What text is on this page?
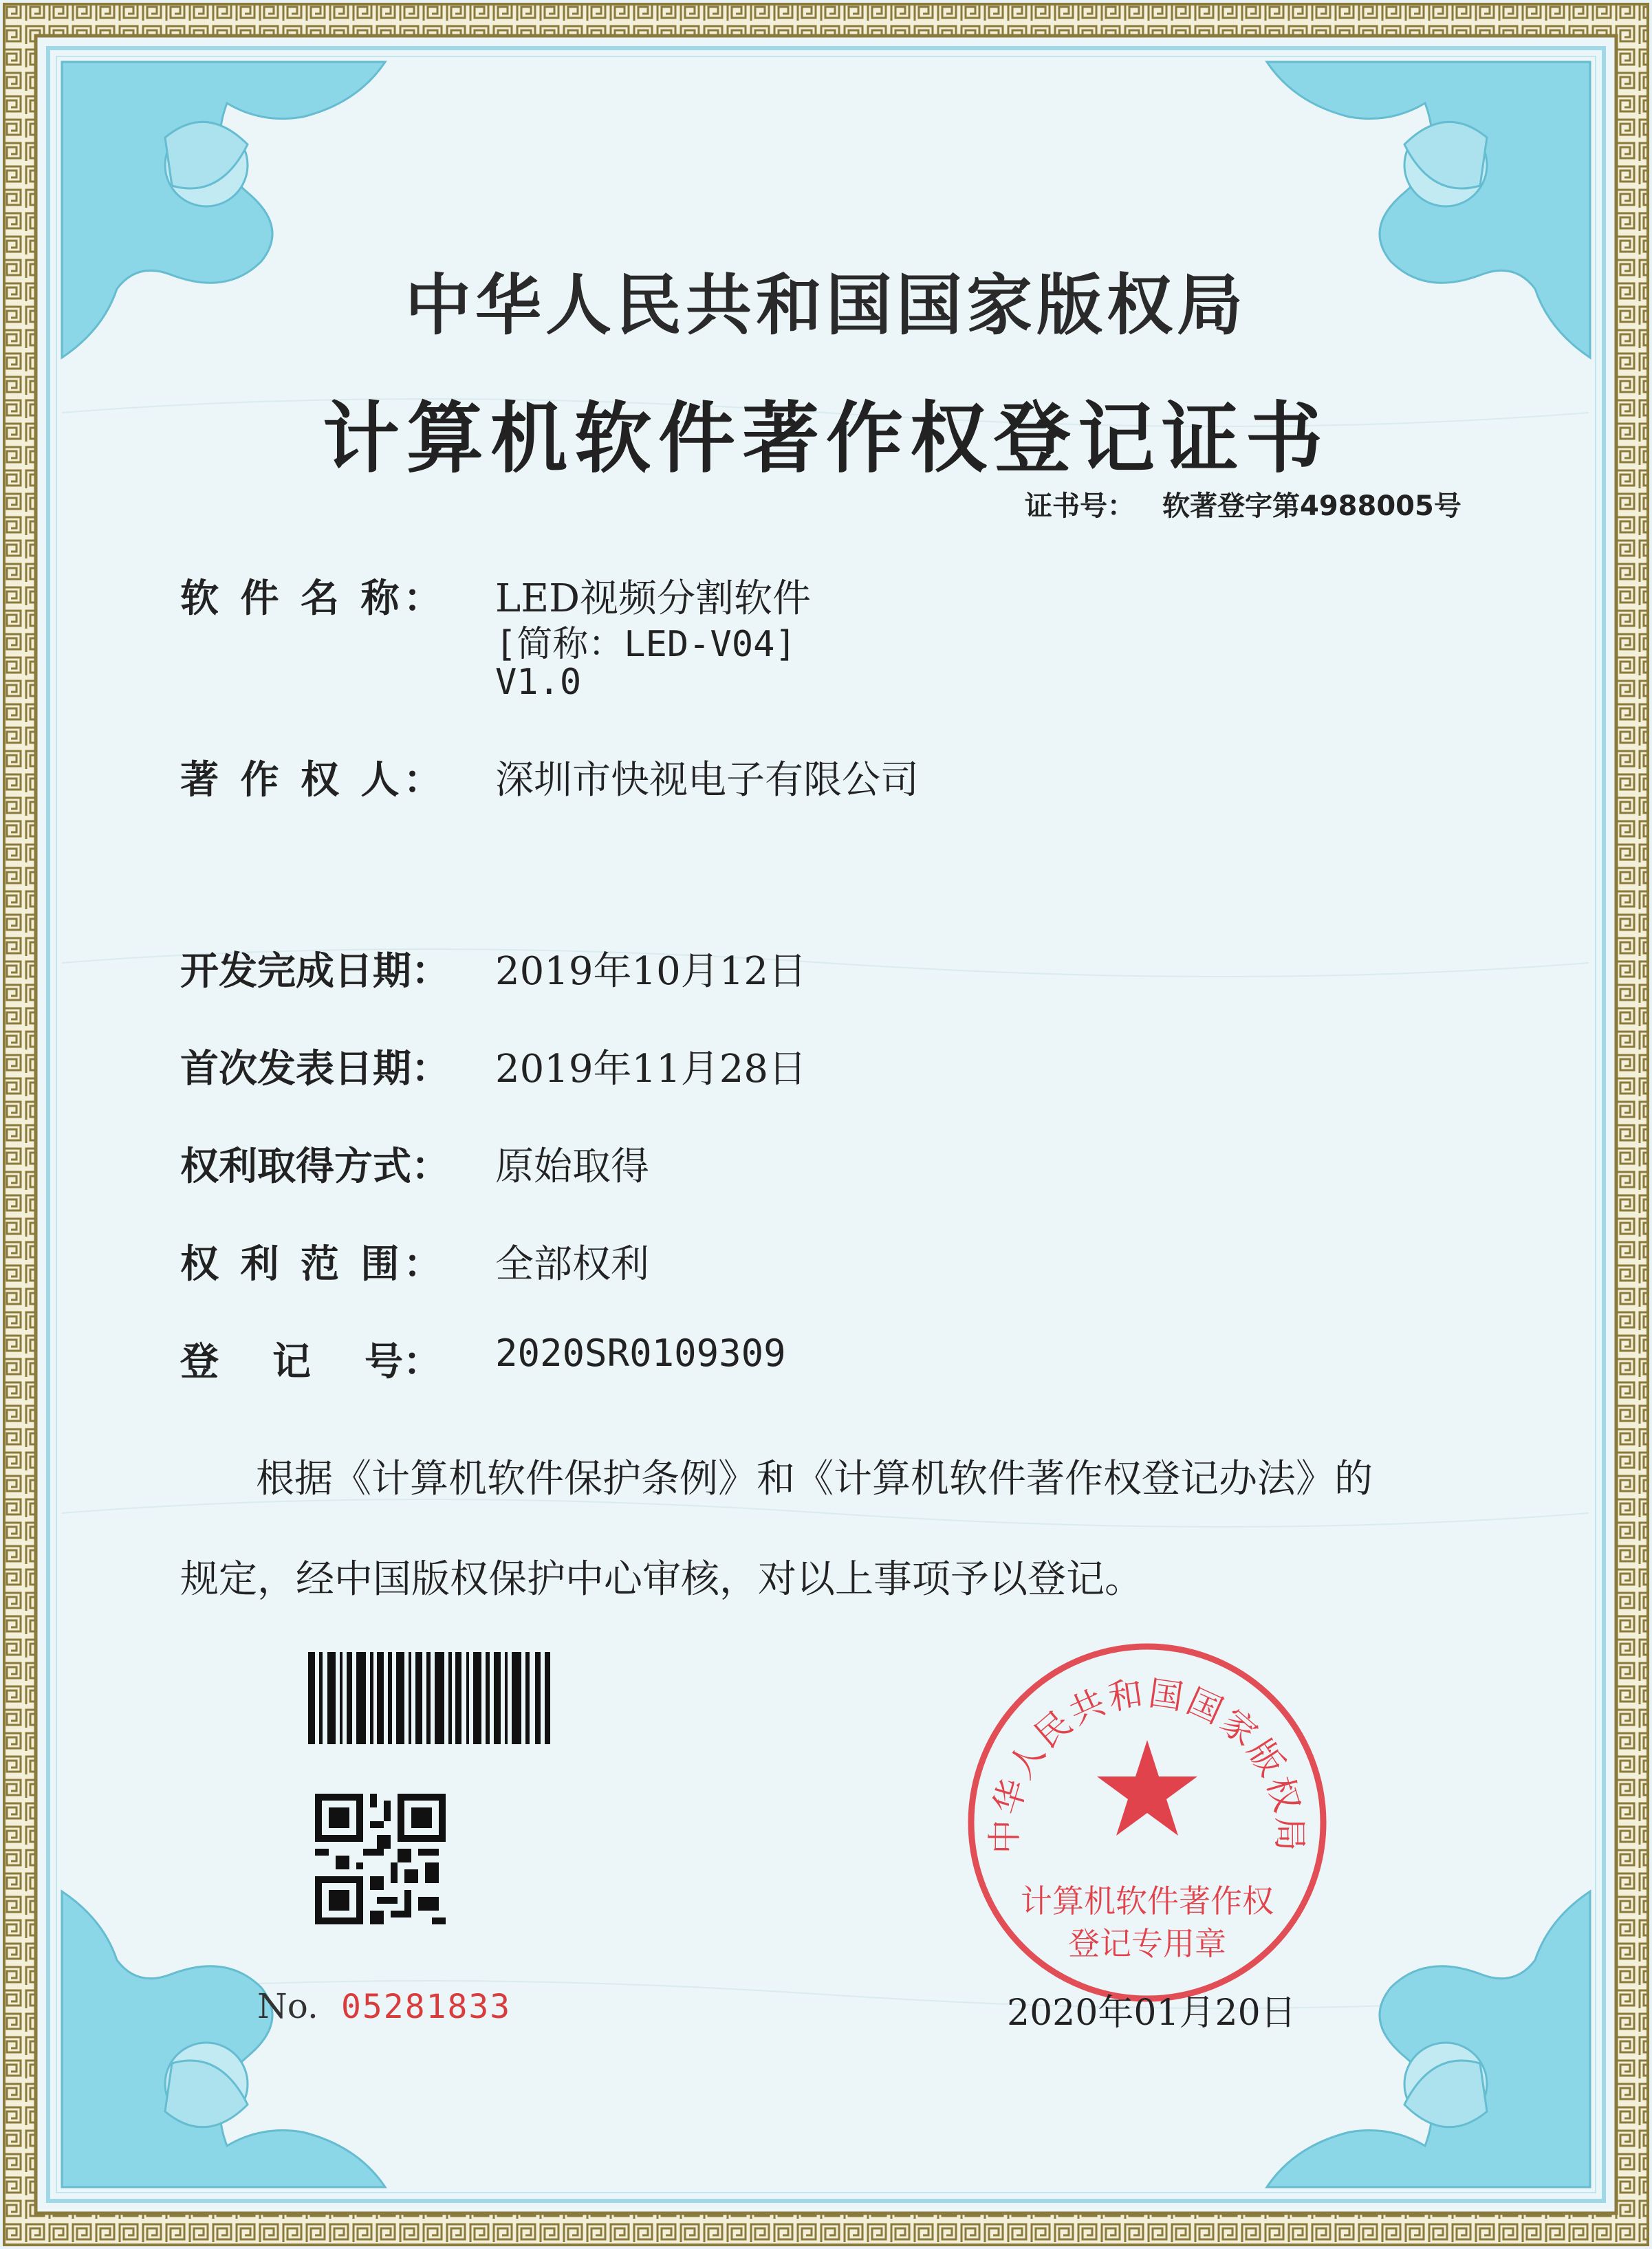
中华人民共和国国家版权局
计算机软件著作权登记证书
证书号： 软著登字第4988005号
软 件 名 称： LED视频分割软件
[简称：LED-V04]
V1.0
著 作 权 人： 深圳市快视电子有限公司
开发完成日期： 2019年10月12日
首次发表日期： 2019年11月28日
权利取得方式： 原始取得
权 利 范 围： 全部权利
登    记    号： 2020SR0109309
根据《计算机软件保护条例》和《计算机软件著作权登记办法》的
规定，经中国版权保护中心审核，对以上事项予以登记。
No. 05281833
中华人民共和国国家版权局
计算机软件著作权
登记专用章
2020年01月20日
